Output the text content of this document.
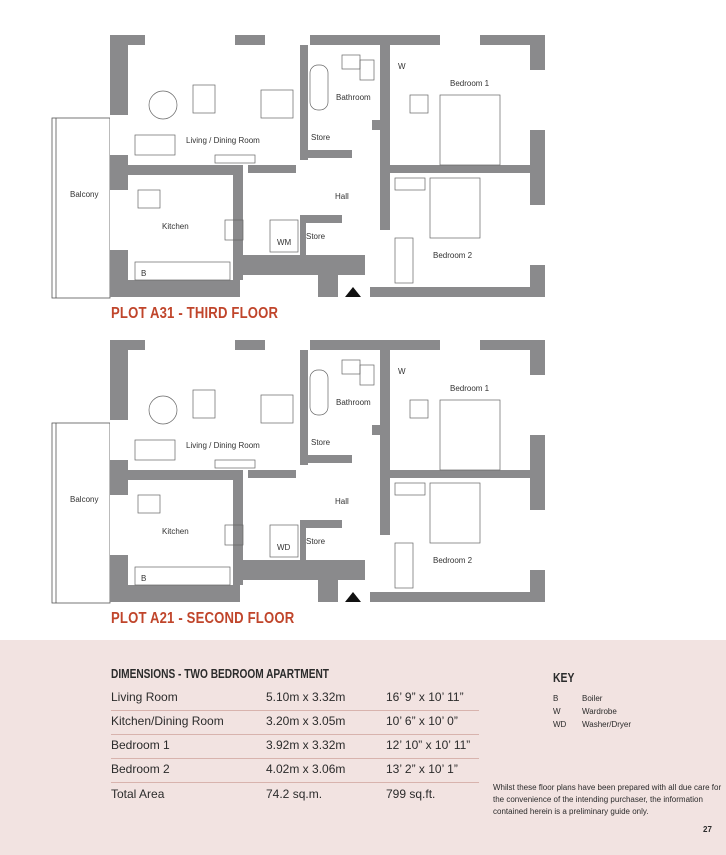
Living / Dining Room
Bathroom
Bedroom 1
Bedroom 2
Store
Store
Hall
Balcony
Kitchen
WM
B
W
PLOT A31 - THIRD FLOOR
Living / Dining Room
Bathroom
Bedroom 1
Bedroom 2
Store
Store
Hall
Balcony
Kitchen
WD
B
W
PLOT A21 - SECOND FLOOR
DIMENSIONS - TWO BEDROOM APARTMENT
Living Room	5.10m x 3.32m	16’ 9” x 10’ 11”
Kitchen/Dining Room	3.20m x 3.05m	10’ 6” x 10’ 0”
Bedroom 1	3.92m x 3.32m	12’ 10” x 10’ 11”
Bedroom 2	4.02m x 3.06m	13’ 2” x 10’ 1”
Total Area	74.2 sq.m.	799 sq.ft.
KEY
B	Boiler
W	Wardrobe
WD Washer/Dryer
Whilst these floor plans have been prepared with all due care for the convenience of the intending purchaser, the information contained herein is a preliminary guide only.
27
